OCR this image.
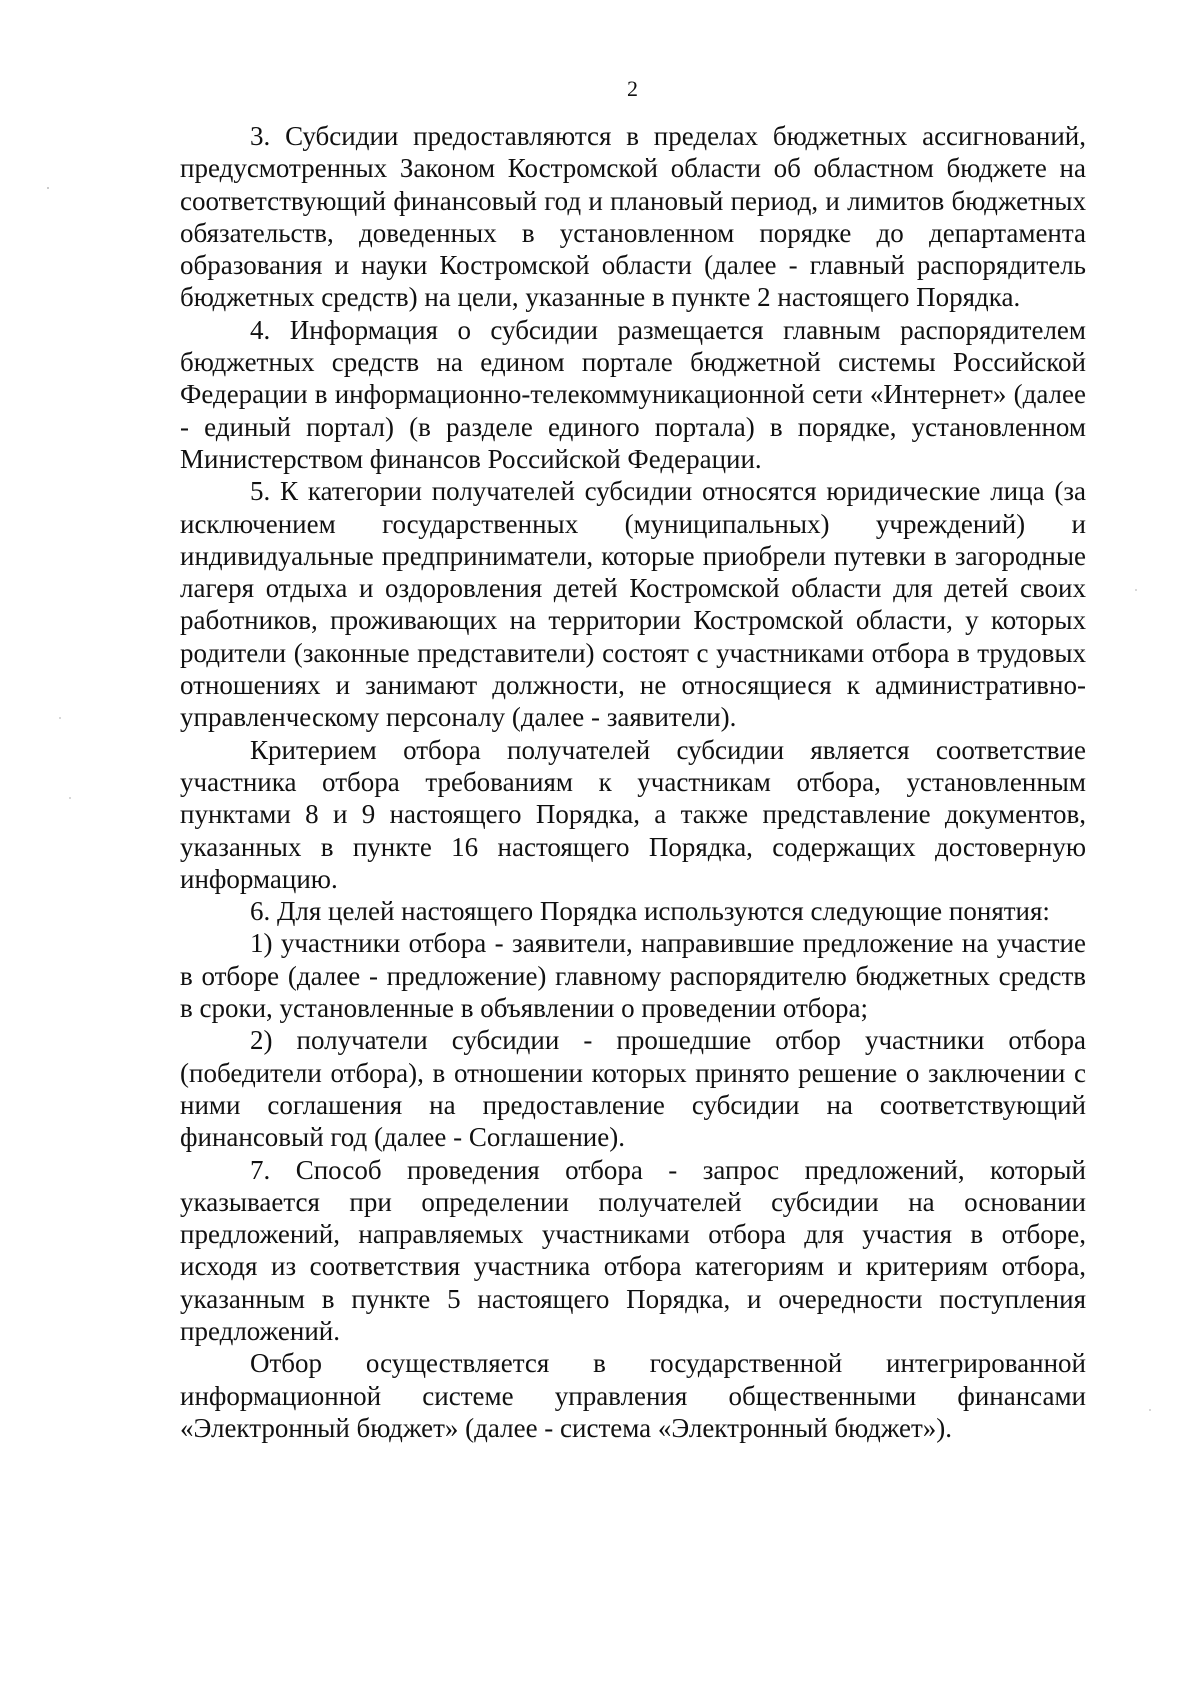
2

3. Субсидии предоставляются в пределах бюджетных ассигнований, предусмотренных Законом Костромской области об областном бюджете на соответствующий финансовый год и плановый период, и лимитов бюджетных обязательств, доведенных в установленном порядке до департамента образования и науки Костромской области (далее - главный распорядитель бюджетных средств) на цели, указанные в пункте 2 настоящего Порядка.

4. Информация о субсидии размещается главным распорядителем бюджетных средств на едином портале бюджетной системы Российской Федерации в информационно-телекоммуникационной сети «Интернет» (далее - единый портал) (в разделе единого портала) в порядке, установленном Министерством финансов Российской Федерации.

5. К категории получателей субсидии относятся юридические лица (за исключением государственных (муниципальных) учреждений) и индивидуальные предприниматели, которые приобрели путевки в загородные лагеря отдыха и оздоровления детей Костромской области для детей своих работников, проживающих на территории Костромской области, у которых родители (законные представители) состоят с участниками отбора в трудовых отношениях и занимают должности, не относящиеся к административно-управленческому персоналу (далее - заявители).

Критерием отбора получателей субсидии является соответствие участника отбора требованиям к участникам отбора, установленным пунктами 8 и 9 настоящего Порядка, а также представление документов, указанных в пункте 16 настоящего Порядка, содержащих достоверную информацию.

6. Для целей настоящего Порядка используются следующие понятия:

1) участники отбора - заявители, направившие предложение на участие в отборе (далее - предложение) главному распорядителю бюджетных средств в сроки, установленные в объявлении о проведении отбора;

2) получатели субсидии - прошедшие отбор участники отбора (победители отбора), в отношении которых принято решение о заключении с ними соглашения на предоставление субсидии на соответствующий финансовый год (далее - Соглашение).

7. Способ проведения отбора - запрос предложений, который указывается при определении получателей субсидии на основании предложений, направляемых участниками отбора для участия в отборе, исходя из соответствия участника отбора категориям и критериям отбора, указанным в пункте 5 настоящего Порядка, и очередности поступления предложений.

Отбор осуществляется в государственной интегрированной информационной системе управления общественными финансами «Электронный бюджет» (далее - система «Электронный бюджет»).
